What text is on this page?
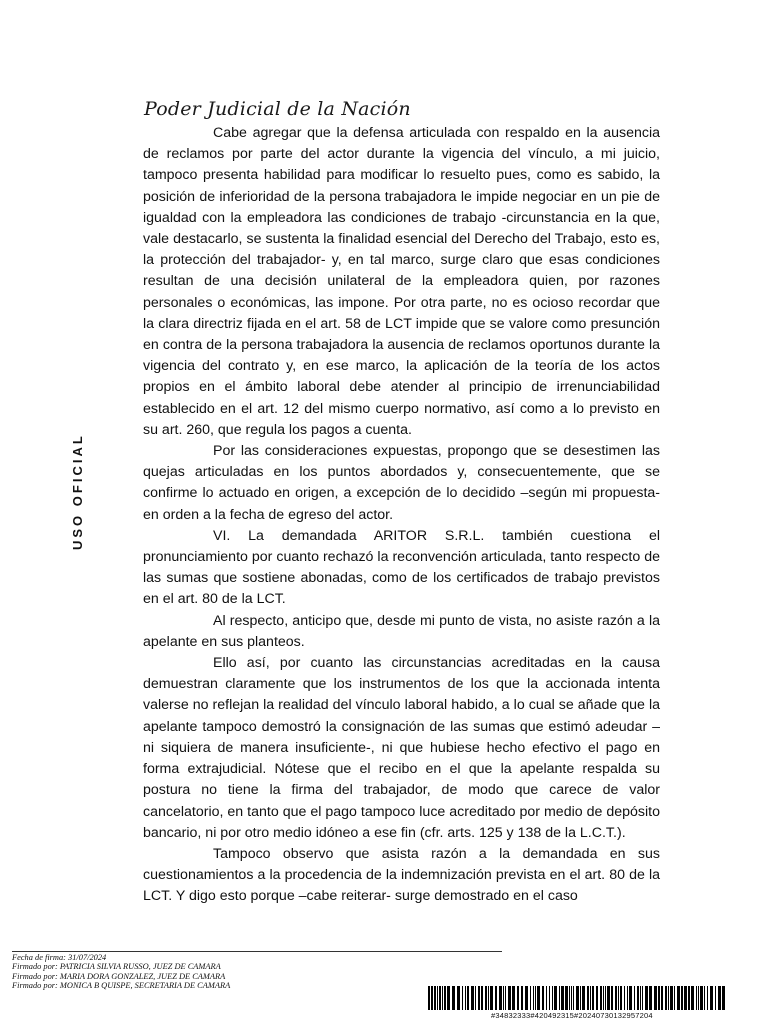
Poder Judicial de la Nación
USO OFICIAL

Cabe agregar que la defensa articulada con respaldo en la ausencia de reclamos por parte del actor durante la vigencia del vínculo, a mi juicio, tampoco presenta habilidad para modificar lo resuelto pues, como es sabido, la posición de inferioridad de la persona trabajadora le impide negociar en un pie de igualdad con la empleadora las condiciones de trabajo -circunstancia en la que, vale destacarlo, se sustenta la finalidad esencial del Derecho del Trabajo, esto es, la protección del trabajador- y, en tal marco, surge claro que esas condiciones resultan de una decisión unilateral de la empleadora quien, por razones personales o económicas, las impone. Por otra parte, no es ocioso recordar que la clara directriz fijada en el art. 58 de LCT impide que se valore como presunción en contra de la persona trabajadora la ausencia de reclamos oportunos durante la vigencia del contrato y, en ese marco, la aplicación de la teoría de los actos propios en el ámbito laboral debe atender al principio de irrenunciabilidad establecido en el art. 12 del mismo cuerpo normativo, así como a lo previsto en su art. 260, que regula los pagos a cuenta.

Por las consideraciones expuestas, propongo que se desestimen las quejas articuladas en los puntos abordados y, consecuentemente, que se confirme lo actuado en origen, a excepción de lo decidido –según mi propuesta- en orden a la fecha de egreso del actor.

VI. La demandada ARITOR S.R.L. también cuestiona el pronunciamiento por cuanto rechazó la reconvención articulada, tanto respecto de las sumas que sostiene abonadas, como de los certificados de trabajo previstos en el art. 80 de la LCT.

Al respecto, anticipo que, desde mi punto de vista, no asiste razón a la apelante en sus planteos.

Ello así, por cuanto las circunstancias acreditadas en la causa demuestran claramente que los instrumentos de los que la accionada intenta valerse no reflejan la realidad del vínculo laboral habido, a lo cual se añade que la apelante tampoco demostró la consignación de las sumas que estimó adeudar –ni siquiera de manera insuficiente-, ni que hubiese hecho efectivo el pago en forma extrajudicial. Nótese que el recibo en el que la apelante respalda su postura no tiene la firma del trabajador, de modo que carece de valor cancelatorio, en tanto que el pago tampoco luce acreditado por medio de depósito bancario, ni por otro medio idóneo a ese fin (cfr. arts. 125 y 138 de la L.C.T.).

Tampoco observo que asista razón a la demandada en sus cuestionamientos a la procedencia de la indemnización prevista en el art. 80 de la LCT. Y digo esto porque –cabe reiterar- surge demostrado en el caso

Fecha de firma: 31/07/2024
Firmado por: PATRICIA SILVIA RUSSO, JUEZ DE CAMARA
Firmado por: MARIA DORA GONZALEZ, JUEZ DE CAMARA
Firmado por: MONICA B QUISPE, SECRETARIA DE CAMARA
#34832333#420492315#20240730132957204
